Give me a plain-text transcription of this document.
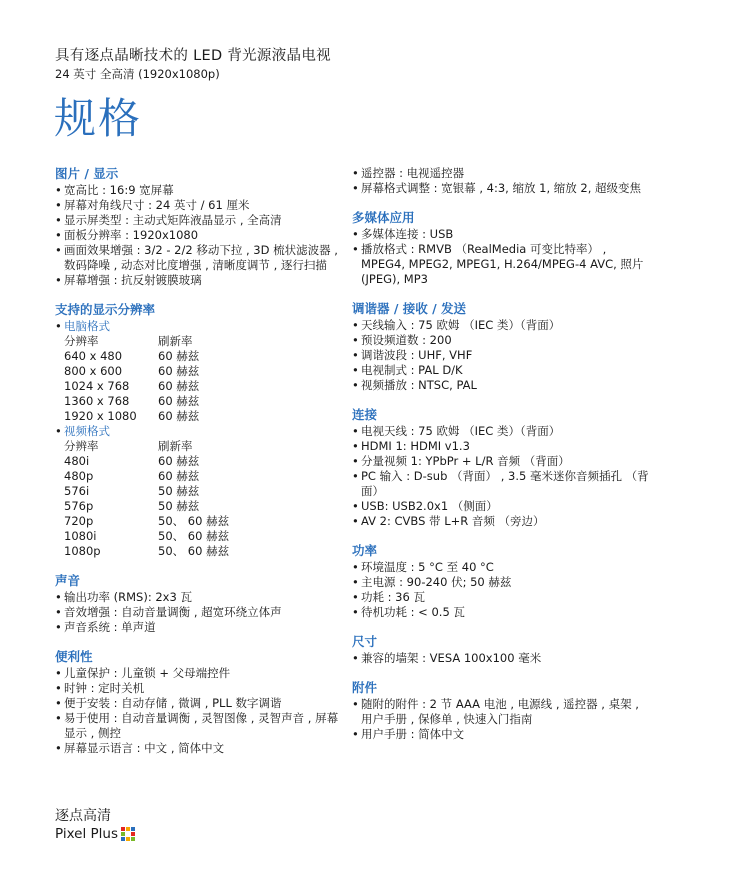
具有逐点晶晰技术的 LED 背光源液晶电视
24 英寸 全高清 (1920x1080p)
规格
图片 / 显示
• 宽高比 : 16:9 宽屏幕
• 屏幕对角线尺寸 : 24 英寸 / 61 厘米
• 显示屏类型 : 主动式矩阵液晶显示 , 全高清
• 面板分辨率 : 1920x1080
• 画面效果增强 : 3/2 - 2/2 移动下拉 , 3D 梳状滤波器 , 数码降噪 , 动态对比度增强 , 清晰度调节 , 逐行扫描
• 屏幕增强 : 抗反射镀膜玻璃
支持的显示分辨率
• 电脑格式
分辨率	刷新率
640 x 480	60 赫兹
800 x 600	60 赫兹
1024 x 768	60 赫兹
1360 x 768	60 赫兹
1920 x 1080	60 赫兹
• 视频格式
分辨率	刷新率
480i	60 赫兹
480p	60 赫兹
576i	50 赫兹
576p	50 赫兹
720p	50、 60 赫兹
1080i	50、 60 赫兹
1080p	50、 60 赫兹
声音
• 输出功率 (RMS): 2x3 瓦
• 音效增强 : 自动音量调衡 , 超宽环绕立体声
• 声音系统 : 单声道
便利性
• 儿童保护 : 儿童锁 + 父母端控件
• 时钟 : 定时关机
• 便于安装 : 自动存储 , 微调 , PLL 数字调谐
• 易于使用 : 自动音量调衡 , 灵智图像 , 灵智声音 , 屏幕显示 , 侧控
• 屏幕显示语言 : 中文 , 简体中文
• 遥控器 : 电视遥控器
• 屏幕格式调整 : 宽银幕 , 4:3, 缩放 1, 缩放 2, 超级变焦
多媒体应用
• 多媒体连接 : USB
• 播放格式 : RMVB （RealMedia 可变比特率） , MPEG4, MPEG2, MPEG1, H.264/MPEG-4 AVC, 照片 (JPEG), MP3
调谐器 / 接收 / 发送
• 天线输入 : 75 欧姆 （IEC 类）（背面）
• 预设频道数 : 200
• 调谐波段 : UHF, VHF
• 电视制式 : PAL D/K
• 视频播放 : NTSC, PAL
连接
• 电视天线 : 75 欧姆 （IEC 类）（背面）
• HDMI 1: HDMI v1.3
• 分量视频 1: YPbPr + L/R 音频 （背面）
• PC 输入 : D-sub （背面） , 3.5 毫米迷你音频插孔 （背面）
• USB: USB2.0x1 （侧面）
• AV 2: CVBS 带 L+R 音频 （旁边）
功率
• 环境温度 : 5 °C 至 40 °C
• 主电源 : 90-240 伏; 50 赫兹
• 功耗 : 36 瓦
• 待机功耗 : < 0.5 瓦
尺寸
• 兼容的墙架 : VESA 100x100 毫米
附件
• 随附的附件 : 2 节 AAA 电池 , 电源线 , 遥控器 , 桌架 , 用户手册 , 保修单 , 快速入门指南
• 用户手册 : 简体中文
逐点高清
Pixel Plus
